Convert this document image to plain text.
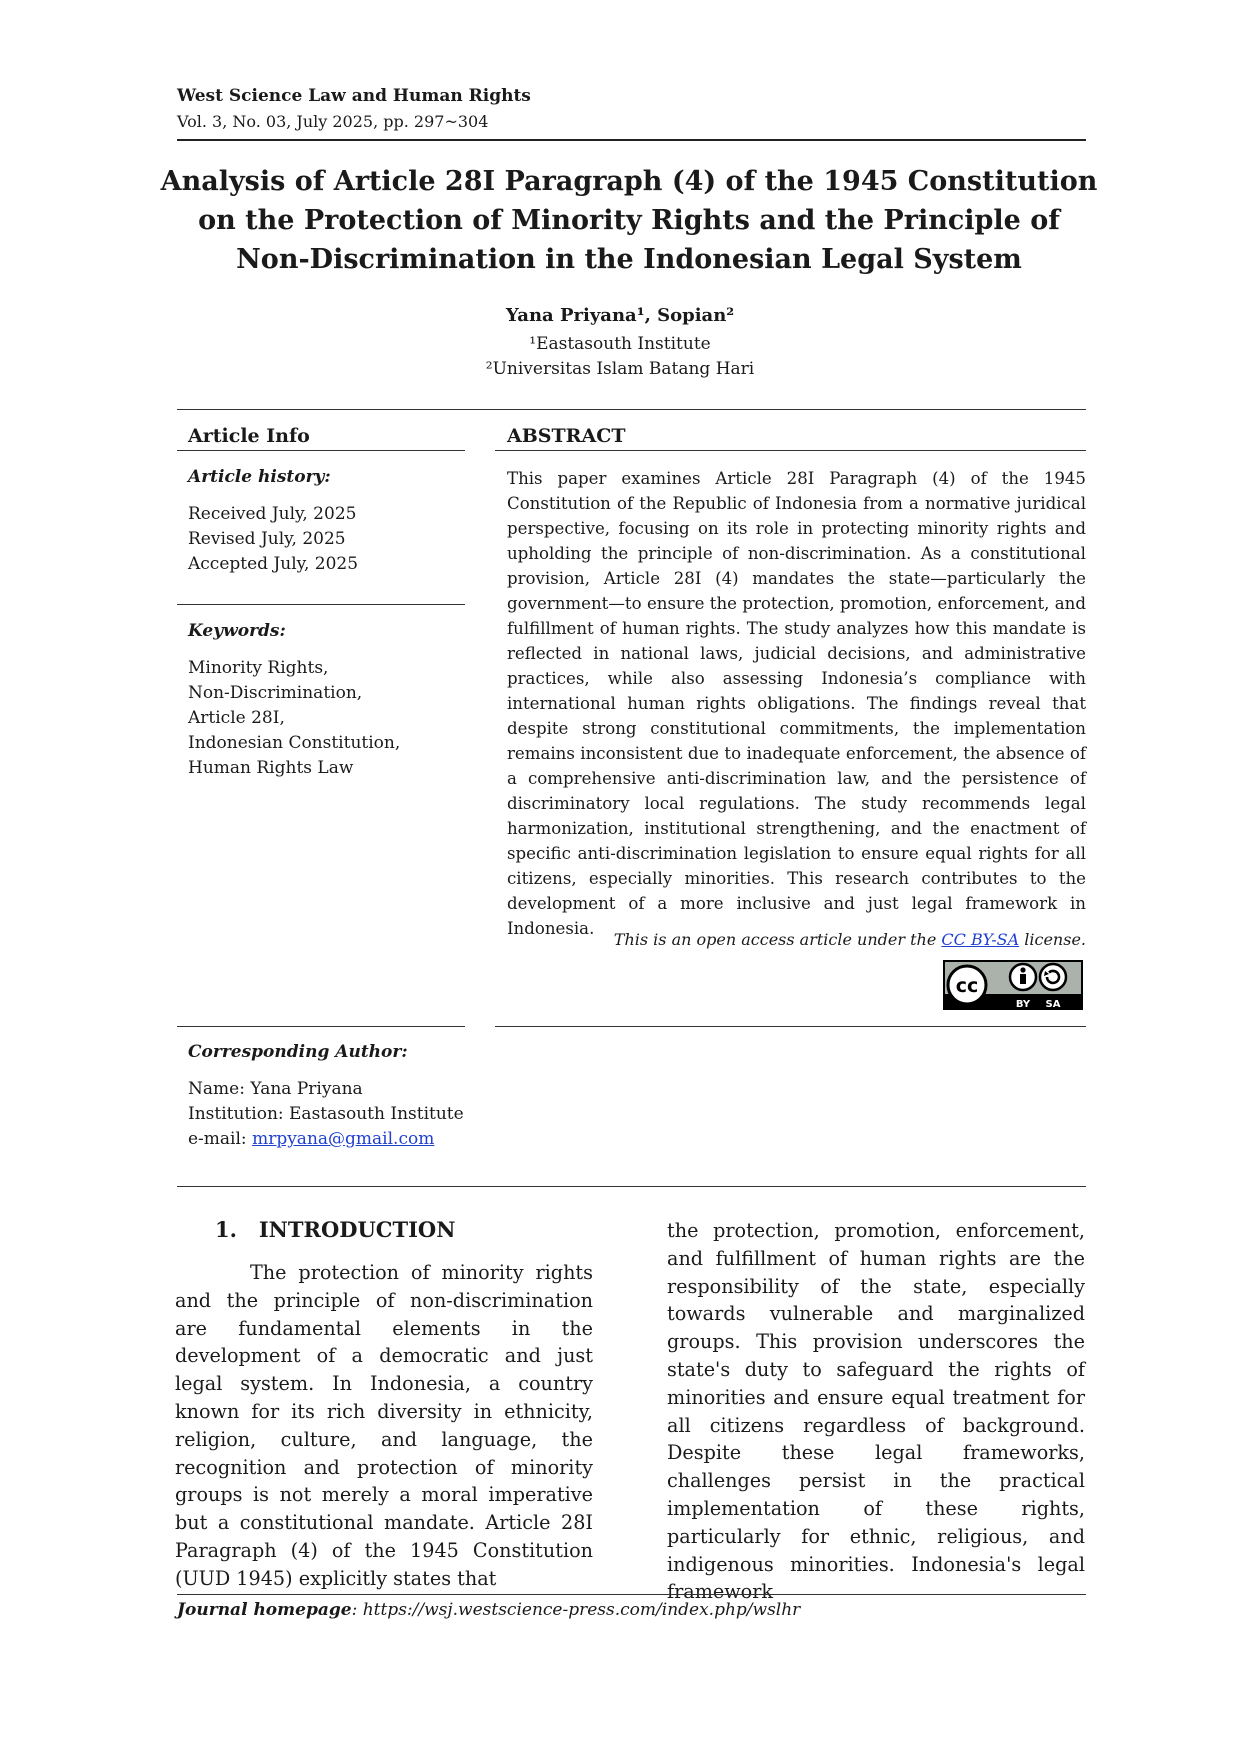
West Science Law and Human Rights
Vol. 3, No. 03, July 2025, pp. 297~304
Analysis of Article 28I Paragraph (4) of the 1945 Constitution on the Protection of Minority Rights and the Principle of Non-Discrimination in the Indonesian Legal System
Yana Priyana¹, Sopian²
¹Eastasouth Institute
²Universitas Islam Batang Hari
Article Info
Article history:
Received July, 2025
Revised July, 2025
Accepted July, 2025
Keywords:
Minority Rights,
Non-Discrimination,
Article 28I,
Indonesian Constitution,
Human Rights Law
ABSTRACT
This paper examines Article 28I Paragraph (4) of the 1945 Constitution of the Republic of Indonesia from a normative juridical perspective, focusing on its role in protecting minority rights and upholding the principle of non-discrimination. As a constitutional provision, Article 28I (4) mandates the state—particularly the government—to ensure the protection, promotion, enforcement, and fulfillment of human rights. The study analyzes how this mandate is reflected in national laws, judicial decisions, and administrative practices, while also assessing Indonesia’s compliance with international human rights obligations. The findings reveal that despite strong constitutional commitments, the implementation remains inconsistent due to inadequate enforcement, the absence of a comprehensive anti-discrimination law, and the persistence of discriminatory local regulations. The study recommends legal harmonization, institutional strengthening, and the enactment of specific anti-discrimination legislation to ensure equal rights for all citizens, especially minorities. This research contributes to the development of a more inclusive and just legal framework in Indonesia.
This is an open access article under the CC BY-SA license.
cc
BY SA
Corresponding Author:
Name: Yana Priyana
Institution: Eastasouth Institute
e-mail: mrpyana@gmail.com
1.   INTRODUCTION
The protection of minority rights and the principle of non-discrimination are fundamental elements in the development of a democratic and just legal system. In Indonesia, a country known for its rich diversity in ethnicity, religion, culture, and language, the recognition and protection of minority groups is not merely a moral imperative but a constitutional mandate. Article 28I Paragraph (4) of the 1945 Constitution (UUD 1945) explicitly states that
the protection, promotion, enforcement, and fulfillment of human rights are the responsibility of the state, especially towards vulnerable and marginalized groups. This provision underscores the state's duty to safeguard the rights of minorities and ensure equal treatment for all citizens regardless of background. Despite these legal frameworks, challenges persist in the practical implementation of these rights, particularly for ethnic, religious, and indigenous minorities. Indonesia's legal framework
Journal homepage: https://wsj.westscience-press.com/index.php/wslhr
